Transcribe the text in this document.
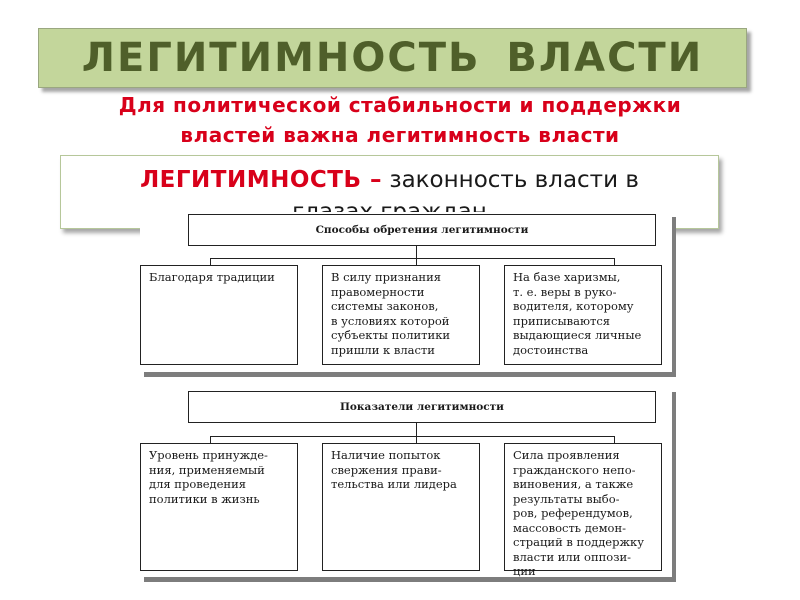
ЛЕГИТИМНОСТЬ ВЛАСТИ
Для политической стабильности и поддержки
властей важна легитимность власти
ЛЕГИТИМНОСТЬ – законность власти в
Способы обретения легитимности
Благодаря традиции	В силу признания
правомерности
системы законов,
в условиях которой
субъекты политики
пришли к власти
На базе харизмы,
т. е. веры в руко-
водителя, которому
приписываются
выдающиеся личные
достоинства
Показатели легитимности
Уровень принужде-
ния, применяемый
для проведения
политики в жизнь
Наличие попыток
свержения прави-
тельства или лидера
Сила проявления
гражданского непо-
виновения, а также
результаты выбо-
ров, референдумов,
массовость демон-
страций в поддержку
власти или оппози-
ции
